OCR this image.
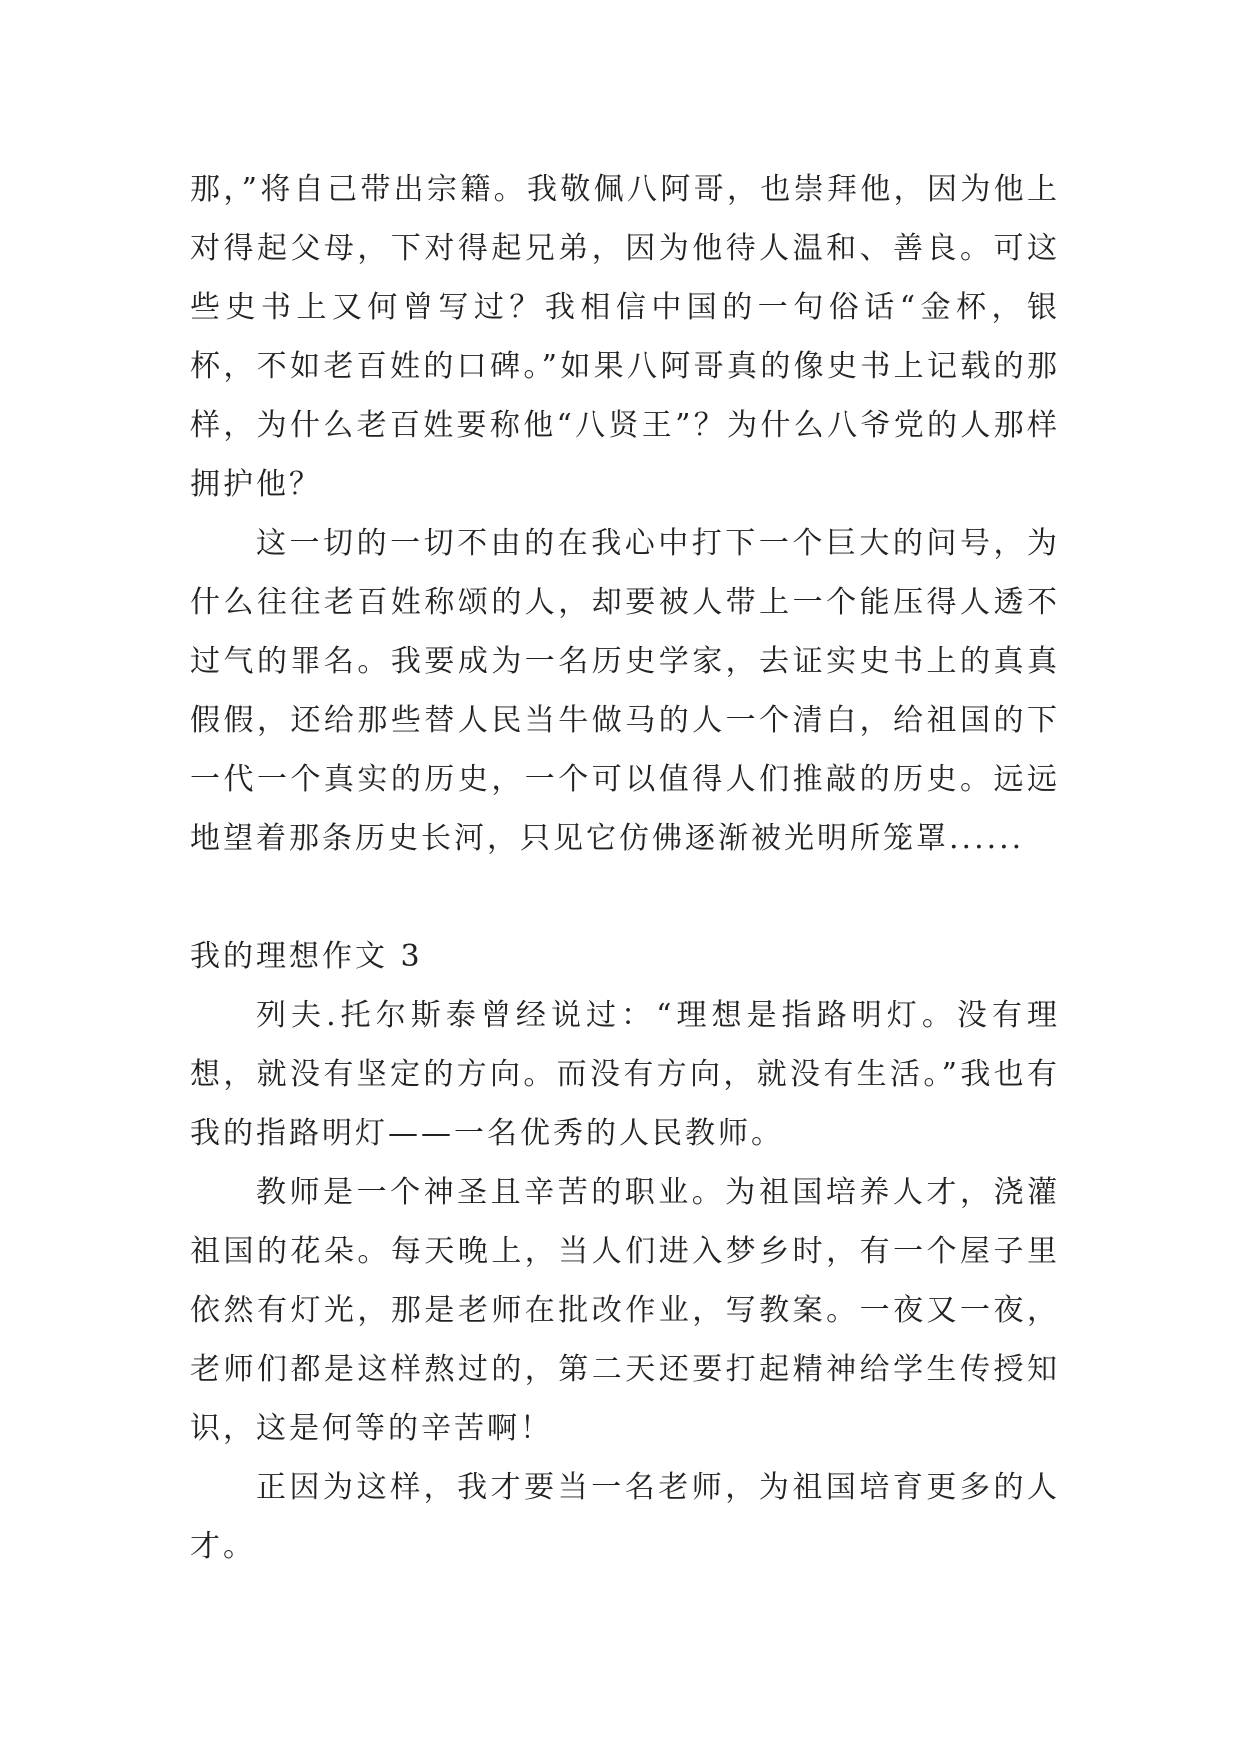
那，”将自己带出宗籍。我敬佩八阿哥，也崇拜他，因为他上对得起父母，下对得起兄弟，因为他待人温和、善良。可这些史书上又何曾写过？我相信中国的一句俗话“金杯，银杯，不如老百姓的口碑。”如果八阿哥真的像史书上记载的那样，为什么老百姓要称他“八贤王”？为什么八爷党的人那样拥护他？

这一切的一切不由的在我心中打下一个巨大的问号，为什么往往老百姓称颂的人，却要被人带上一个能压得人透不过气的罪名。我要成为一名历史学家，去证实史书上的真真假假，还给那些替人民当牛做马的人一个清白，给祖国的下一代一个真实的历史，一个可以值得人们推敲的历史。远远地望着那条历史长河，只见它仿佛逐渐被光明所笼罩......

我的理想作文 3

列夫.托尔斯泰曾经说过：“理想是指路明灯。没有理想，就没有坚定的方向。而没有方向，就没有生活。”我也有我的指路明灯——一名优秀的人民教师。

教师是一个神圣且辛苦的职业。为祖国培养人才，浇灌祖国的花朵。每天晚上，当人们进入梦乡时，有一个屋子里依然有灯光，那是老师在批改作业，写教案。一夜又一夜，老师们都是这样熬过的，第二天还要打起精神给学生传授知识，这是何等的辛苦啊！

正因为这样，我才要当一名老师，为祖国培育更多的人才。
